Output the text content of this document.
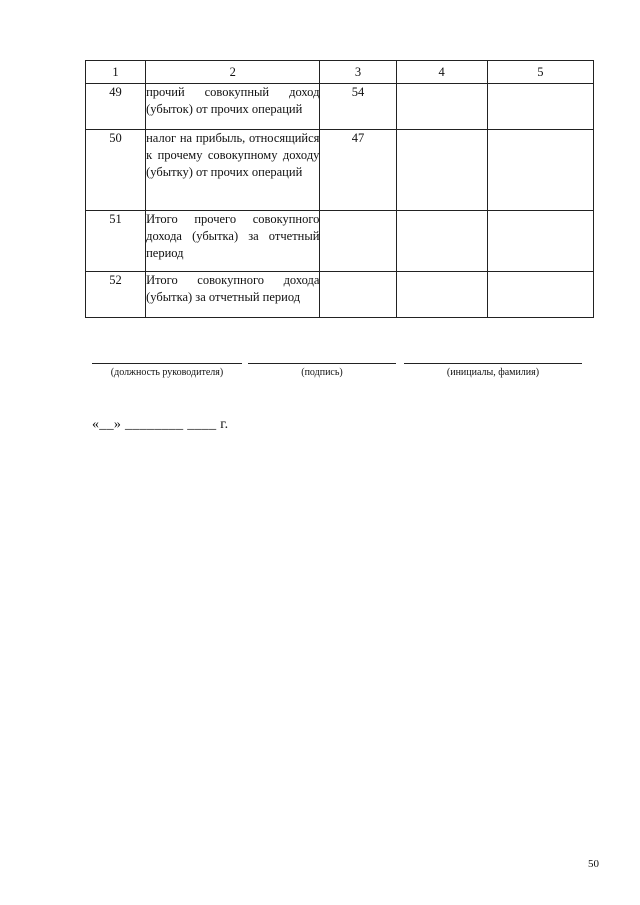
1	2	3	4	5
49	прочий совокупный доход (убыток) от прочих операций	54		
50	налог на прибыль, относящийся к прочему совокупному доходу (убытку) от прочих операций	47		
51	Итого прочего совокупного дохода (убытка) за отчетный период			
52	Итого совокупного дохода (убытка) за отчетный период			
(должность руководителя)	(подпись)	(инициалы, фамилия)
«__» ________ ____ г.
50
